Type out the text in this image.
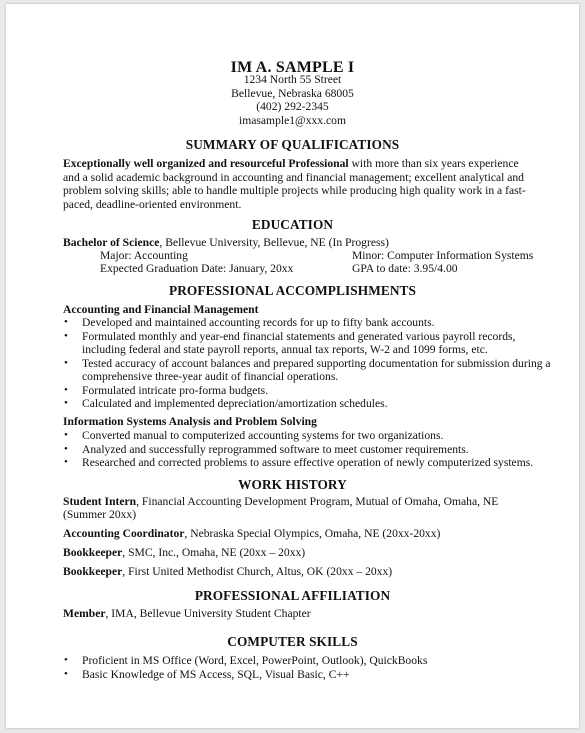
IM A. SAMPLE I
1234 North 55 Street
Bellevue, Nebraska 68005
(402) 292-2345
imasample1@xxx.com
SUMMARY OF QUALIFICATIONS
Exceptionally well organized and resourceful Professional with more than six years experience and a solid academic background in accounting and financial management; excellent analytical and problem solving skills; able to handle multiple projects while producing high quality work in a fast-paced, deadline-oriented environment.
EDUCATION
Bachelor of Science, Bellevue University, Bellevue, NE (In Progress)
Major: Accounting	Minor: Computer Information Systems
Expected Graduation Date: January, 20xx	GPA to date: 3.95/4.00
PROFESSIONAL ACCOMPLISHMENTS
Accounting and Financial Management
• Developed and maintained accounting records for up to fifty bank accounts.
• Formulated monthly and year-end financial statements and generated various payroll records,
including federal and state payroll reports, annual tax reports, W-2 and 1099 forms, etc.
• Tested accuracy of account balances and prepared supporting documentation for submission during a
comprehensive three-year audit of financial operations.
• Formulated intricate pro-forma budgets.
• Calculated and implemented depreciation/amortization schedules.
Information Systems Analysis and Problem Solving
• Converted manual to computerized accounting systems for two organizations.
• Analyzed and successfully reprogrammed software to meet customer requirements.
• Researched and corrected problems to assure effective operation of newly computerized systems.
WORK HISTORY
Student Intern, Financial Accounting Development Program, Mutual of Omaha, Omaha, NE
(Summer 20xx)
Accounting Coordinator, Nebraska Special Olympics, Omaha, NE (20xx-20xx)
Bookkeeper, SMC, Inc., Omaha, NE (20xx – 20xx)
Bookkeeper, First United Methodist Church, Altus, OK (20xx – 20xx)
PROFESSIONAL AFFILIATION
Member, IMA, Bellevue University Student Chapter
COMPUTER SKILLS
• Proficient in MS Office (Word, Excel, PowerPoint, Outlook), QuickBooks
• Basic Knowledge of MS Access, SQL, Visual Basic, C++
